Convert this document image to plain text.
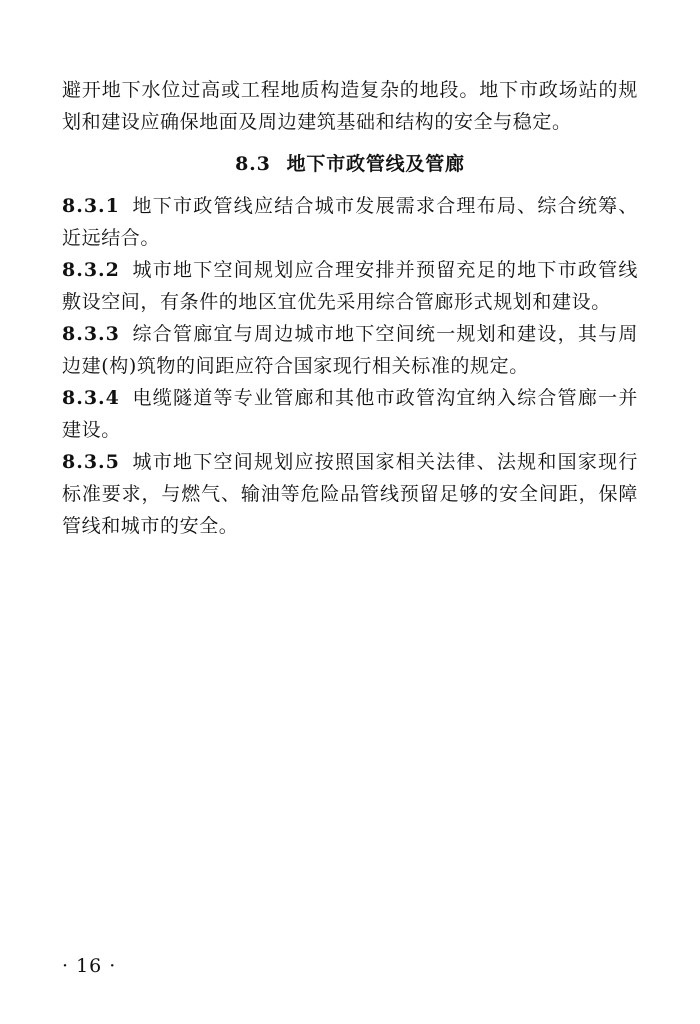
避开地下水位过高或工程地质构造复杂的地段。地下市政场站的规划和建设应确保地面及周边建筑基础和结构的安全与稳定。

8.3 地下市政管线及管廊

8.3.1 地下市政管线应结合城市发展需求合理布局、综合统筹、近远结合。

8.3.2 城市地下空间规划应合理安排并预留充足的地下市政管线敷设空间，有条件的地区宜优先采用综合管廊形式规划和建设。

8.3.3 综合管廊宜与周边城市地下空间统一规划和建设，其与周边建(构)筑物的间距应符合国家现行相关标准的规定。

8.3.4 电缆隧道等专业管廊和其他市政管沟宜纳入综合管廊一并建设。

8.3.5 城市地下空间规划应按照国家相关法律、法规和国家现行标准要求，与燃气、输油等危险品管线预留足够的安全间距，保障管线和城市的安全。

· 16 ·
